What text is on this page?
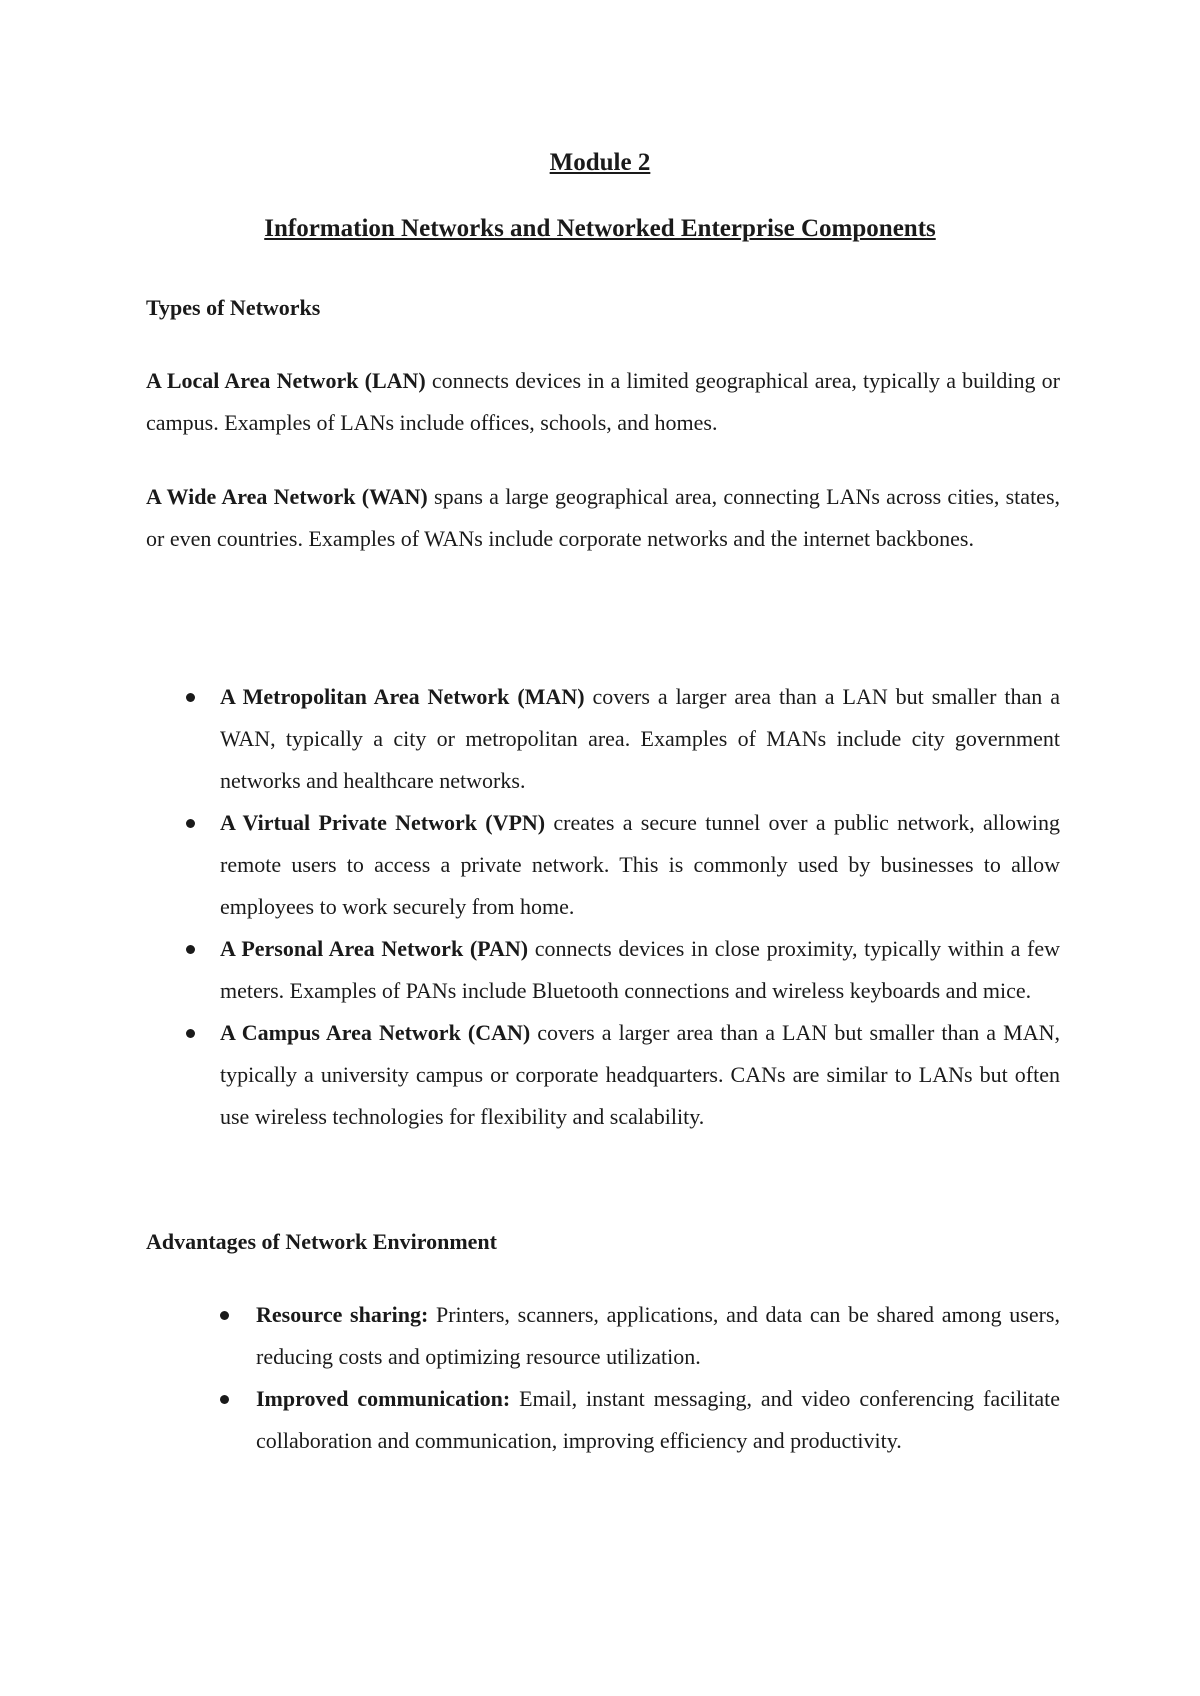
Module 2
Information Networks and Networked Enterprise Components
Types of Networks

A Local Area Network (LAN) connects devices in a limited geographical area, typically a building or campus. Examples of LANs include offices, schools, and homes.

A Wide Area Network (WAN) spans a large geographical area, connecting LANs across cities, states, or even countries. Examples of WANs include corporate networks and the internet backbones.

A Metropolitan Area Network (MAN) covers a larger area than a LAN but smaller than a WAN, typically a city or metropolitan area. Examples of MANs include city government networks and healthcare networks.
A Virtual Private Network (VPN) creates a secure tunnel over a public network, allowing remote users to access a private network. This is commonly used by businesses to allow employees to work securely from home.
A Personal Area Network (PAN) connects devices in close proximity, typically within a few meters. Examples of PANs include Bluetooth connections and wireless keyboards and mice.
A Campus Area Network (CAN) covers a larger area than a LAN but smaller than a MAN, typically a university campus or corporate headquarters. CANs are similar to LANs but often use wireless technologies for flexibility and scalability.
Advantages of Network Environment
Resource sharing: Printers, scanners, applications, and data can be shared among users, reducing costs and optimizing resource utilization.
Improved communication: Email, instant messaging, and video conferencing facilitate collaboration and communication, improving efficiency and productivity.
